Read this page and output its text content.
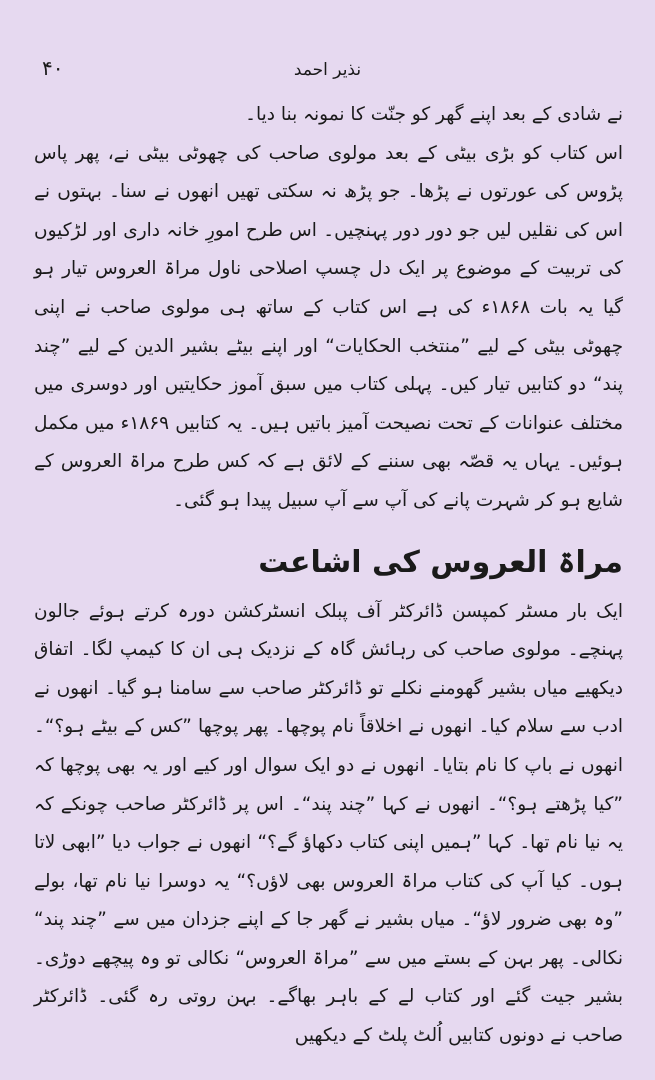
۴۰	نذیر احمد

نے شادی کے بعد اپنے گھر کو جنّت کا نمونہ بنا دیا۔

اس کتاب کو بڑی بیٹی کے بعد مولوی صاحب کی چھوٹی بیٹی نے، پھر پاس پڑوس کی عورتوں نے پڑھا۔ جو پڑھ نہ سکتی تھیں انھوں نے سنا۔ بہتوں نے اس کی نقلیں لیں جو دور دور پہنچیں۔ اس طرح امورِ خانہ داری اور لڑکیوں کی تربیت کے موضوع پر ایک دل چسپ اصلاحی ناول مراۃ العروس تیار ہو گیا یہ بات ۱۸۶۸ء کی ہے اس کتاب کے ساتھ ہی مولوی صاحب نے اپنی چھوٹی بیٹی کے لیے ”منتخب الحکایات“ اور اپنے بیٹے بشیر الدین کے لیے ”چند پند“ دو کتابیں تیار کیں۔ پہلی کتاب میں سبق آموز حکایتیں اور دوسری میں مختلف عنوانات کے تحت نصیحت آمیز باتیں ہیں۔ یہ کتابیں ۱۸۶۹ء میں مکمل ہوئیں۔ یہاں یہ قصّہ بھی سننے کے لائق ہے کہ کس طرح مراۃ العروس کے شایع ہو کر شہرت پانے کی آپ سے آپ سبیل پیدا ہو گئی۔

مراۃ العروس کی اشاعت

ایک بار مسٹر کمپسن ڈائرکٹر آف پبلک انسٹرکشن دورہ کرتے ہوئے جالون پہنچے۔ مولوی صاحب کی رہائش گاہ کے نزدیک ہی ان کا کیمپ لگا۔ اتفاق دیکھیے میاں بشیر گھومنے نکلے تو ڈائرکٹر صاحب سے سامنا ہو گیا۔ انھوں نے ادب سے سلام کیا۔ انھوں نے اخلاقاً نام پوچھا۔ پھر پوچھا ”کس کے بیٹے ہو؟“۔ انھوں نے باپ کا نام بتایا۔ انھوں نے دو ایک سوال اور کیے اور یہ بھی پوچھا کہ ”کیا پڑھتے ہو؟“۔ انھوں نے کہا ”چند پند“۔ اس پر ڈائرکٹر صاحب چونکے کہ یہ نیا نام تھا۔ کہا ”ہمیں اپنی کتاب دکھاؤ گے؟“ انھوں نے جواب دیا ”ابھی لاتا ہوں۔ کیا آپ کی کتاب مراۃ العروس بھی لاؤں؟“ یہ دوسرا نیا نام تھا، بولے ”وہ بھی ضرور لاؤ“۔ میاں بشیر نے گھر جا کے اپنے جزدان میں سے ”چند پند“ نکالی۔ پھر بہن کے بستے میں سے ”مراۃ العروس“ نکالی تو وہ پیچھے دوڑی۔ بشیر جیت گئے اور کتاب لے کے باہر بھاگے۔ بہن روتی رہ گئی۔ ڈائرکٹر صاحب نے دونوں کتابیں اُلٹ پلٹ کے دیکھیں
